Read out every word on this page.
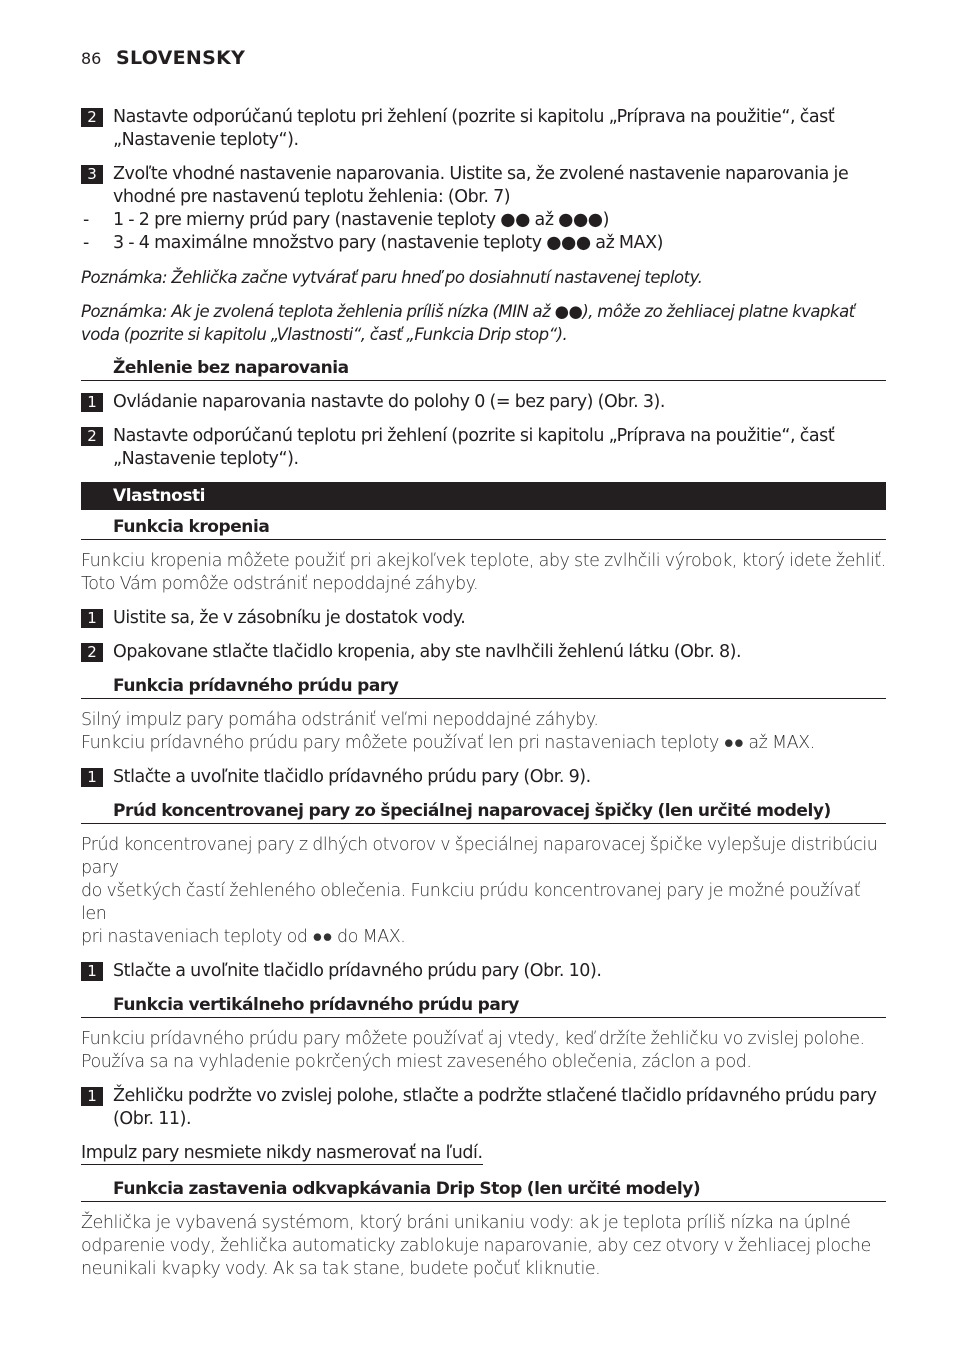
86 SLOVENSKY
2 Nastavte odporúčanú teplotu pri žehlení (pozrite si kapitolu „Príprava na použitie“, časť „Nastavenie teploty“).
3 Zvoľte vhodné nastavenie naparovania. Uistite sa, že zvolené nastavenie naparovania je vhodné pre nastavenú teplotu žehlenia: (Obr. 7)
-	1 - 2 pre mierny prúd pary (nastavenie teploty ●● až ●●●)
-	3 - 4 maximálne množstvo pary (nastavenie teploty ●●● až MAX)
Poznámka: Žehlička začne vytvárať paru hneď po dosiahnutí nastavenej teploty.
Poznámka: Ak je zvolená teplota žehlenia príliš nízka (MIN až ●●), môže zo žehliacej platne kvapkať voda (pozrite si kapitolu „Vlastnosti“, časť „Funkcia Drip stop“).
Žehlenie bez naparovania
1 Ovládanie naparovania nastavte do polohy 0 (= bez pary) (Obr. 3).
2 Nastavte odporúčanú teplotu pri žehlení (pozrite si kapitolu „Príprava na použitie“, časť „Nastavenie teploty“).
Vlastnosti
Funkcia kropenia
Funkciu kropenia môžete použiť pri akejkoľvek teplote, aby ste zvlhčili výrobok, ktorý idete žehliť.
Toto Vám pomôže odstrániť nepoddajné záhyby.
1 Uistite sa, že v zásobníku je dostatok vody.
2 Opakovane stlačte tlačidlo kropenia, aby ste navlhčili žehlenú látku (Obr. 8).
Funkcia prídavného prúdu pary
Silný impulz pary pomáha odstrániť veľmi nepoddajné záhyby.
Funkciu prídavného prúdu pary môžete používať len pri nastaveniach teploty ●● až MAX.
1 Stlačte a uvoľnite tlačidlo prídavného prúdu pary (Obr. 9).
Prúd koncentrovanej pary zo špeciálnej naparovacej špičky (len určité modely)
Prúd koncentrovanej pary z dlhých otvorov v špeciálnej naparovacej špičke vylepšuje distribúciu pary
do všetkých častí žehleného oblečenia. Funkciu prúdu koncentrovanej pary je možné používať len
pri nastaveniach teploty od ●● do MAX.
1 Stlačte a uvoľnite tlačidlo prídavného prúdu pary (Obr. 10).
Funkcia vertikálneho prídavného prúdu pary
Funkciu prídavného prúdu pary môžete používať aj vtedy, keď držíte žehličku vo zvislej polohe.
Používa sa na vyhladenie pokrčených miest zaveseného oblečenia, záclon a pod.
1 Žehličku podržte vo zvislej polohe, stlačte a podržte stlačené tlačidlo prídavného prúdu pary (Obr. 11).
Impulz pary nesmiete nikdy nasmerovať na ľudí.
Funkcia zastavenia odkvapkávania Drip Stop (len určité modely)
Žehlička je vybavená systémom, ktorý bráni unikaniu vody: ak je teplota príliš nízka na úplné
odparenie vody, žehlička automaticky zablokuje naparovanie, aby cez otvory v žehliacej ploche
neunikali kvapky vody. Ak sa tak stane, budete počuť kliknutie.
